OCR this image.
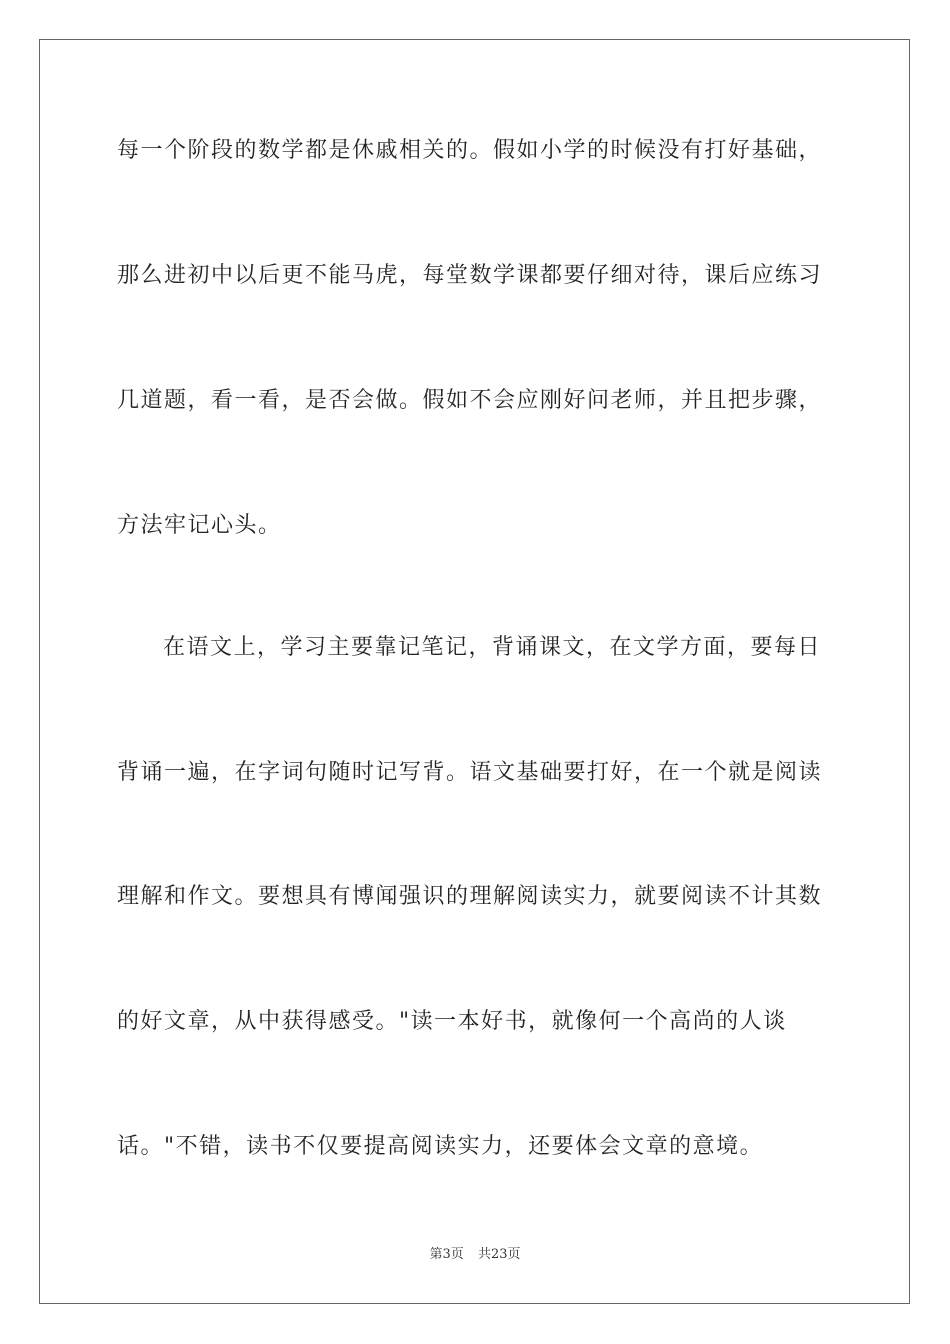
每一个阶段的数学都是休戚相关的。假如小学的时候没有打好基础，
那么进初中以后更不能马虎，每堂数学课都要仔细对待，课后应练习
几道题，看一看，是否会做。假如不会应刚好问老师，并且把步骤，
方法牢记心头。
在语文上，学习主要靠记笔记，背诵课文，在文学方面，要每日
背诵一遍，在字词句随时记写背。语文基础要打好，在一个就是阅读
理解和作文。要想具有博闻强识的理解阅读实力，就要阅读不计其数
的好文章，从中获得感受。"读一本好书，就像何一个高尚的人谈
话。"不错，读书不仅要提高阅读实力，还要体会文章的意境。
第3页 共23页
